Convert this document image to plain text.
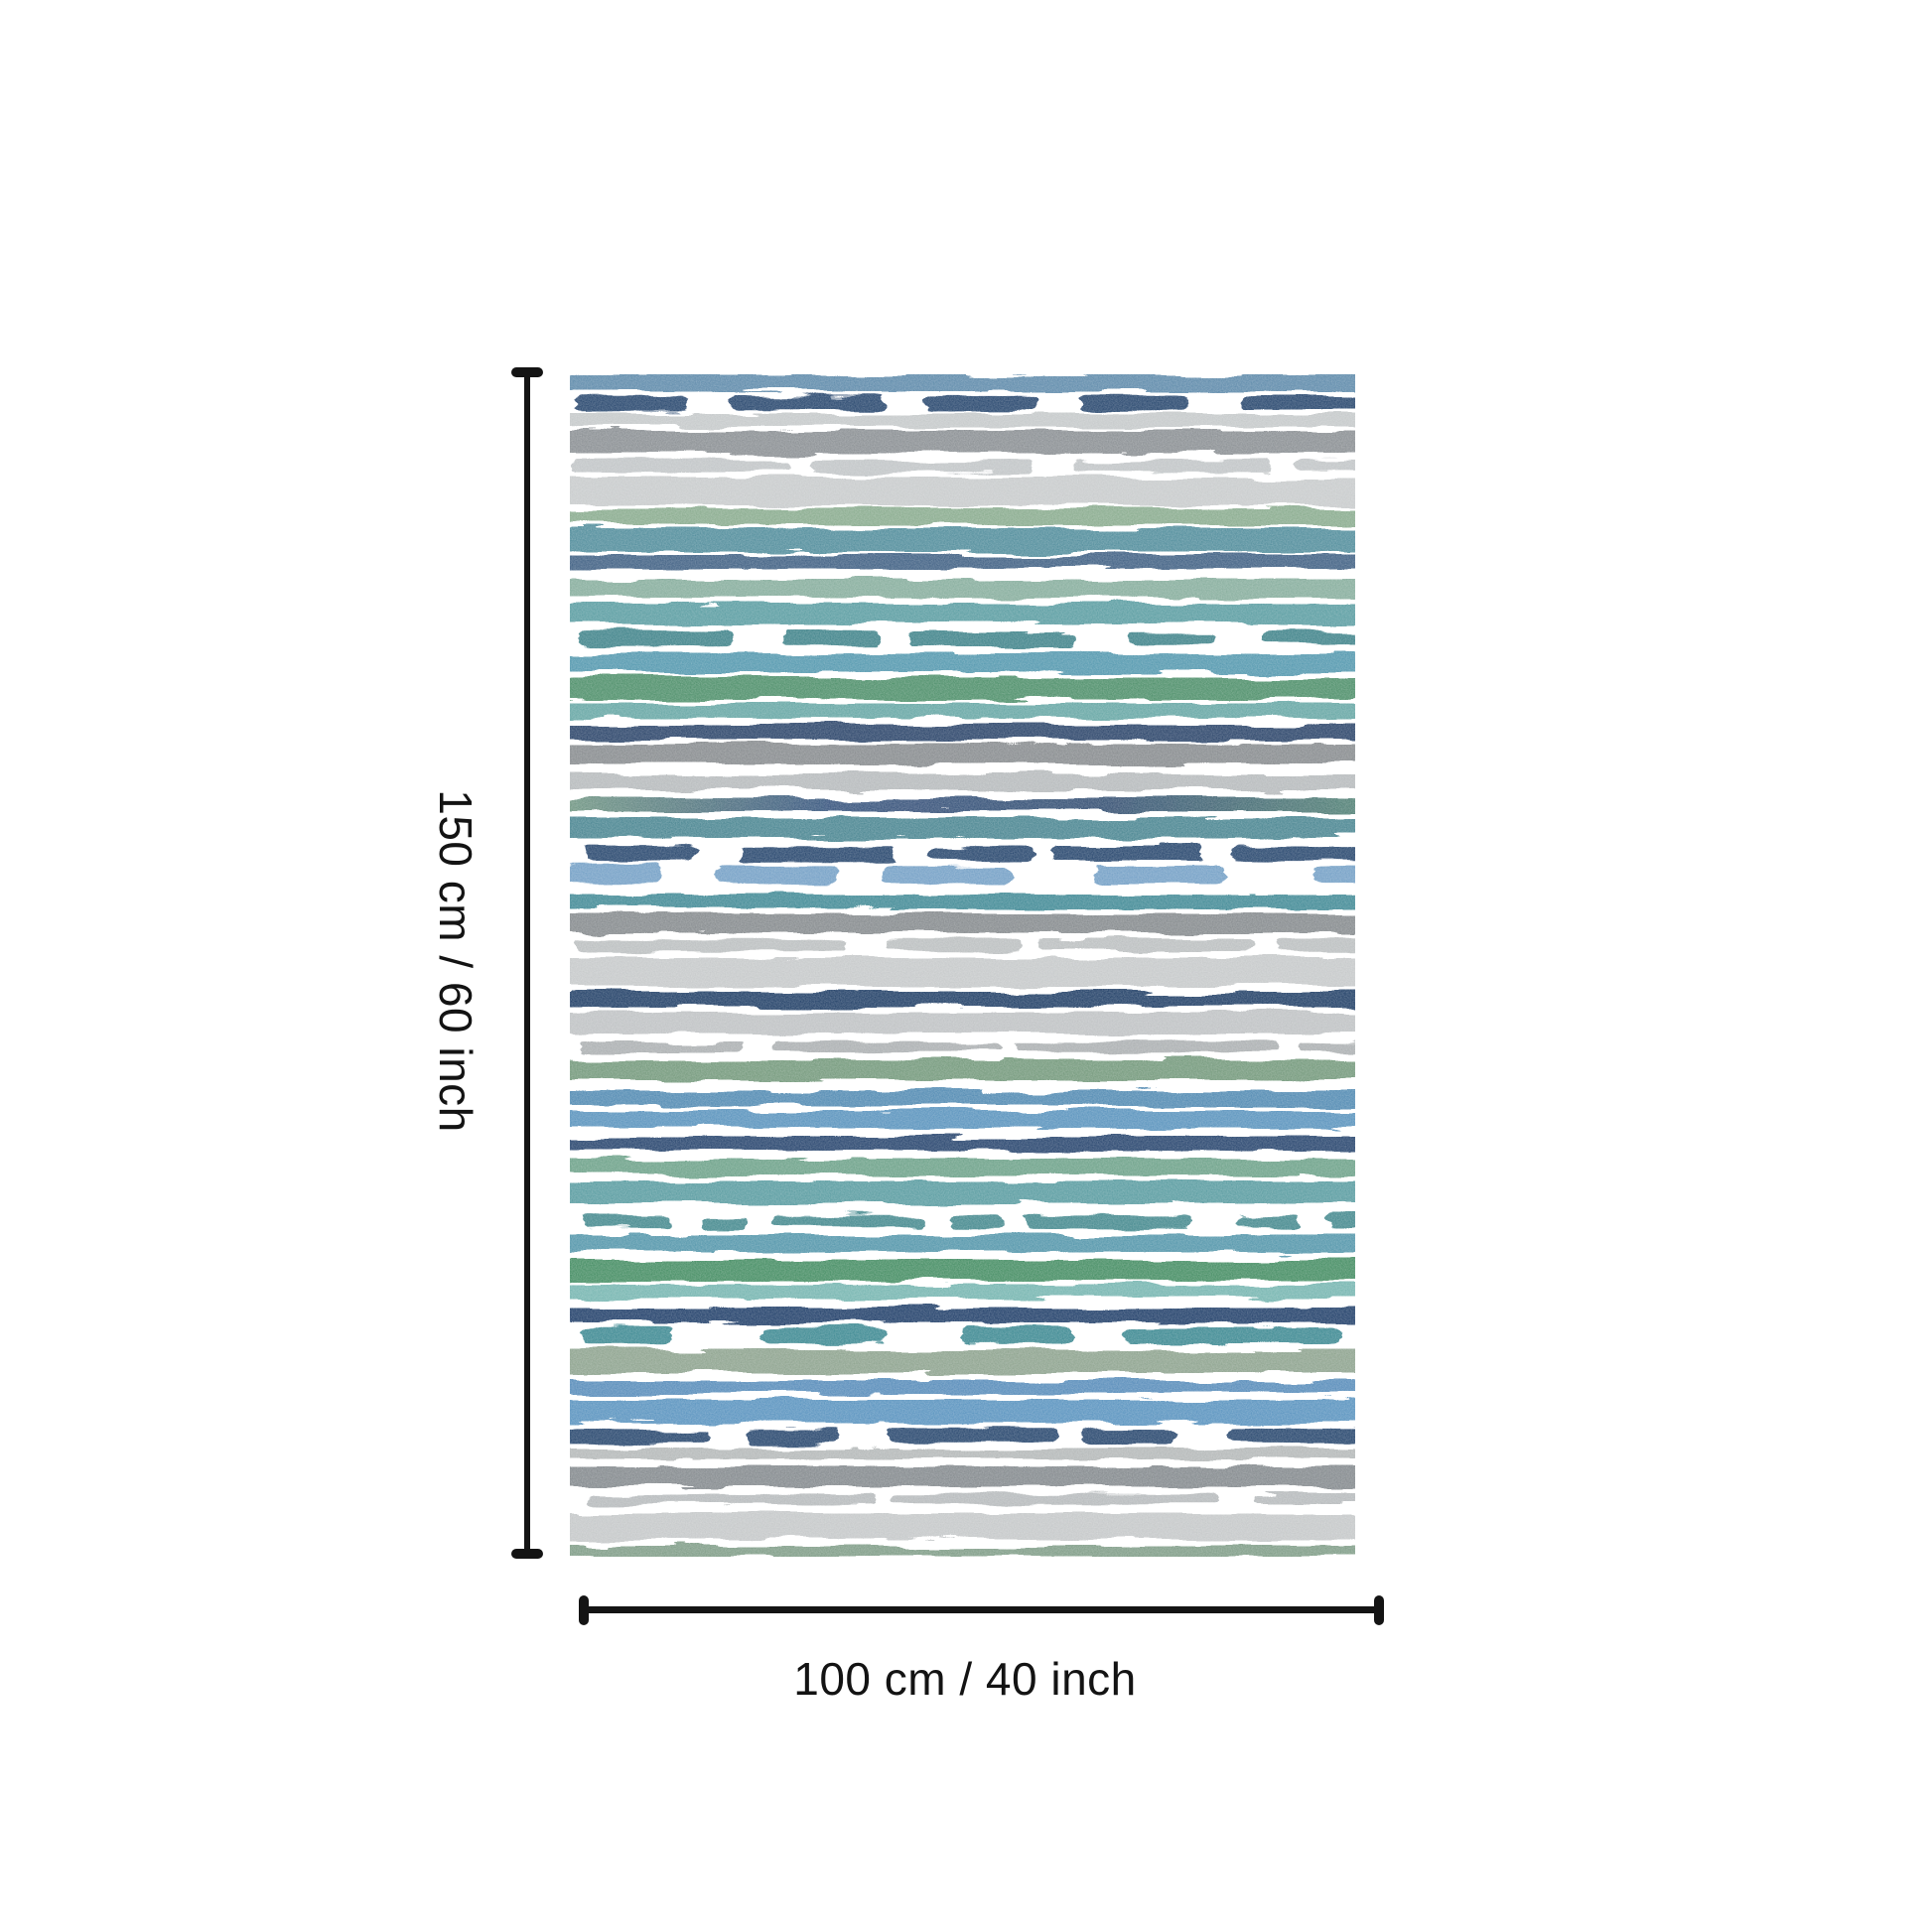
150 cm / 60 inch
100 cm / 40 inch
